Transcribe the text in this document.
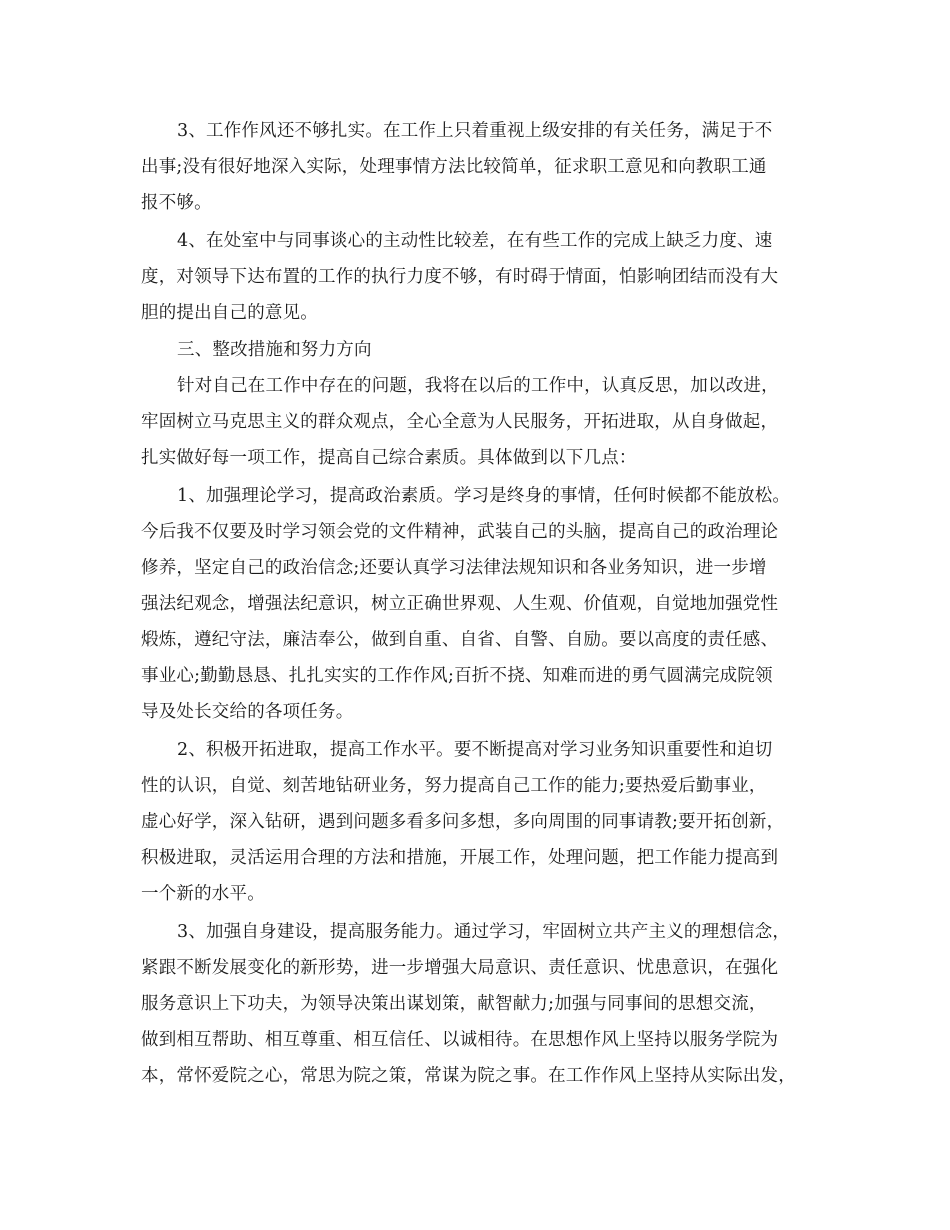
3、工作作风还不够扎实。在工作上只着重视上级安排的有关任务，满足于不
出事;没有很好地深入实际，处理事情方法比较简单，征求职工意见和向教职工通
报不够。
4、在处室中与同事谈心的主动性比较差，在有些工作的完成上缺乏力度、速
度，对领导下达布置的工作的执行力度不够，有时碍于情面，怕影响团结而没有大
胆的提出自己的意见。
三、整改措施和努力方向
针对自己在工作中存在的问题，我将在以后的工作中，认真反思，加以改进，
牢固树立马克思主义的群众观点，全心全意为人民服务，开拓进取，从自身做起，
扎实做好每一项工作，提高自己综合素质。具体做到以下几点：
1、加强理论学习，提高政治素质。学习是终身的事情，任何时候都不能放松。
今后我不仅要及时学习领会党的文件精神，武装自己的头脑，提高自己的政治理论
修养，坚定自己的政治信念;还要认真学习法律法规知识和各业务知识，进一步增
强法纪观念，增强法纪意识，树立正确世界观、人生观、价值观，自觉地加强党性
煅炼，遵纪守法，廉洁奉公，做到自重、自省、自警、自励。要以高度的责任感、
事业心;勤勤恳恳、扎扎实实的工作作风;百折不挠、知难而进的勇气圆满完成院领
导及处长交给的各项任务。
2、积极开拓进取，提高工作水平。要不断提高对学习业务知识重要性和迫切
性的认识，自觉、刻苦地钻研业务，努力提高自己工作的能力;要热爱后勤事业，
虚心好学，深入钻研，遇到问题多看多问多想，多向周围的同事请教;要开拓创新，
积极进取，灵活运用合理的方法和措施，开展工作，处理问题，把工作能力提高到
一个新的水平。
3、加强自身建设，提高服务能力。通过学习，牢固树立共产主义的理想信念，
紧跟不断发展变化的新形势，进一步增强大局意识、责任意识、忧患意识，在强化
服务意识上下功夫，为领导决策出谋划策，献智献力;加强与同事间的思想交流，
做到相互帮助、相互尊重、相互信任、以诚相待。在思想作风上坚持以服务学院为
本，常怀爱院之心，常思为院之策，常谋为院之事。在工作作风上坚持从实际出发，
